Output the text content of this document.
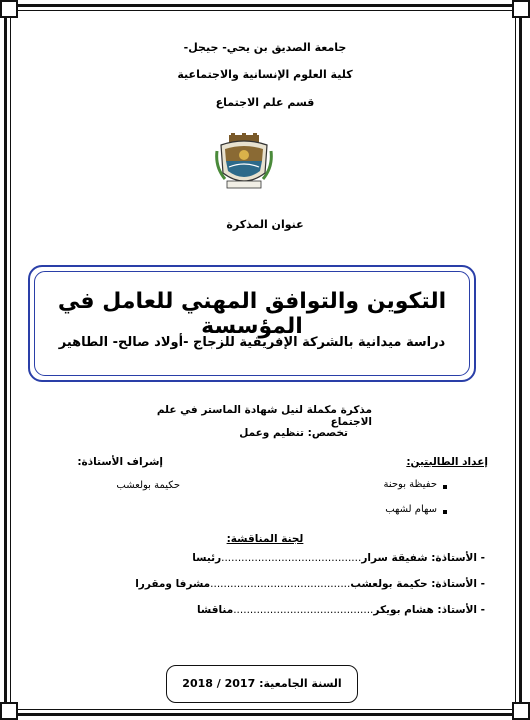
جامعة الصديق بن يحي- جيجل-
كلية العلوم الإنسانية والاجتماعية
قسم علم الاجتماع
عنوان المذكرة
التكوين والتوافق المهني للعامل في المؤسسة
دراسة ميدانية بالشركة الإفريقية للزجاج -أولاد صالح- الطاهير
مذكرة مكملة لنيل شهادة الماستر في علم الاجتماع
تخصص: تنظيم وعمل
إعداد الطالبتين:
حفيظة بوحنة
سهام لشهب
إشراف الأستاذة:
حكيمة بولعشب
لجنة المناقشة:
- الأستاذة: شفيقة سرار..........................................رئيسا
- الأستاذة: حكيمة بولعشب..........................................مشرفا ومقررا
- الأستاذ: هشام بويكر..........................................مناقشا
السنة الجامعية: 2017 / 2018
